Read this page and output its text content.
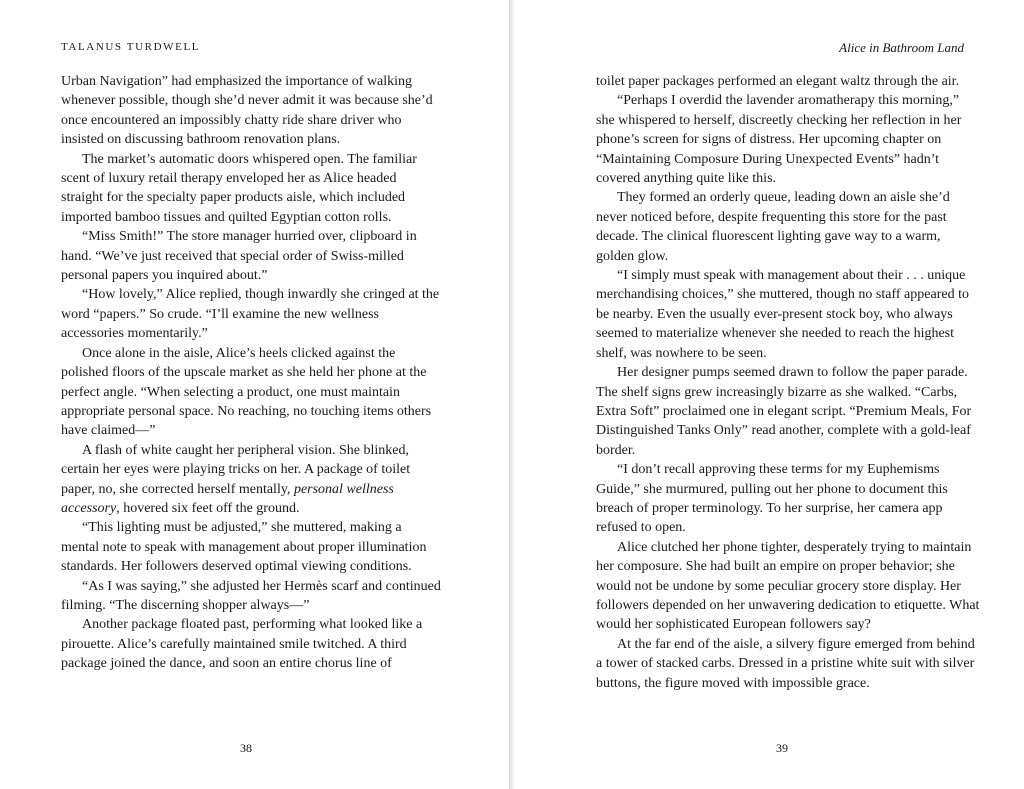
TALANUS TURDWELL

Urban Navigation” had emphasized the importance of walking whenever possible, though she’d never admit it was because she’d once encountered an impossibly chatty ride share driver who insisted on discussing bathroom renovation plans.

The market’s automatic doors whispered open. The familiar scent of luxury retail therapy enveloped her as Alice headed straight for the specialty paper products aisle, which included imported bamboo tissues and quilted Egyptian cotton rolls.

“Miss Smith!” The store manager hurried over, clipboard in hand. “We’ve just received that special order of Swiss-milled personal papers you inquired about.”

“How lovely,” Alice replied, though inwardly she cringed at the word “papers.” So crude. “I’ll examine the new wellness accessories momentarily.”

Once alone in the aisle, Alice’s heels clicked against the polished floors of the upscale market as she held her phone at the perfect angle. “When selecting a product, one must maintain appropriate personal space. No reaching, no touching items others have claimed—”

A flash of white caught her peripheral vision. She blinked, certain her eyes were playing tricks on her. A package of toilet paper, no, she corrected herself mentally, personal wellness accessory, hovered six feet off the ground.

“This lighting must be adjusted,” she muttered, making a mental note to speak with management about proper illumination standards. Her followers deserved optimal viewing conditions.

“As I was saying,” she adjusted her Hermès scarf and continued filming. “The discerning shopper always—”

Another package floated past, performing what looked like a pirouette. Alice’s carefully maintained smile twitched. A third package joined the dance, and soon an entire chorus line of

38
Alice in Bathroom Land

toilet paper packages performed an elegant waltz through the air.

“Perhaps I overdid the lavender aromatherapy this morning,” she whispered to herself, discreetly checking her reflection in her phone’s screen for signs of distress. Her upcoming chapter on “Maintaining Composure During Unexpected Events” hadn’t covered anything quite like this.

They formed an orderly queue, leading down an aisle she’d never noticed before, despite frequenting this store for the past decade. The clinical fluorescent lighting gave way to a warm, golden glow.

“I simply must speak with management about their . . . unique merchandising choices,” she muttered, though no staff appeared to be nearby. Even the usually ever-present stock boy, who always seemed to materialize whenever she needed to reach the highest shelf, was nowhere to be seen.

Her designer pumps seemed drawn to follow the paper parade. The shelf signs grew increasingly bizarre as she walked. “Carbs, Extra Soft” proclaimed one in elegant script. “Premium Meals, For Distinguished Tanks Only” read another, complete with a gold-leaf border.

“I don’t recall approving these terms for my Euphemisms Guide,” she murmured, pulling out her phone to document this breach of proper terminology. To her surprise, her camera app refused to open.

Alice clutched her phone tighter, desperately trying to maintain her composure. She had built an empire on proper behavior; she would not be undone by some peculiar grocery store display. Her followers depended on her unwavering dedication to etiquette. What would her sophisticated European followers say?

At the far end of the aisle, a silvery figure emerged from behind a tower of stacked carbs. Dressed in a pristine white suit with silver buttons, the figure moved with impossible grace.

39
